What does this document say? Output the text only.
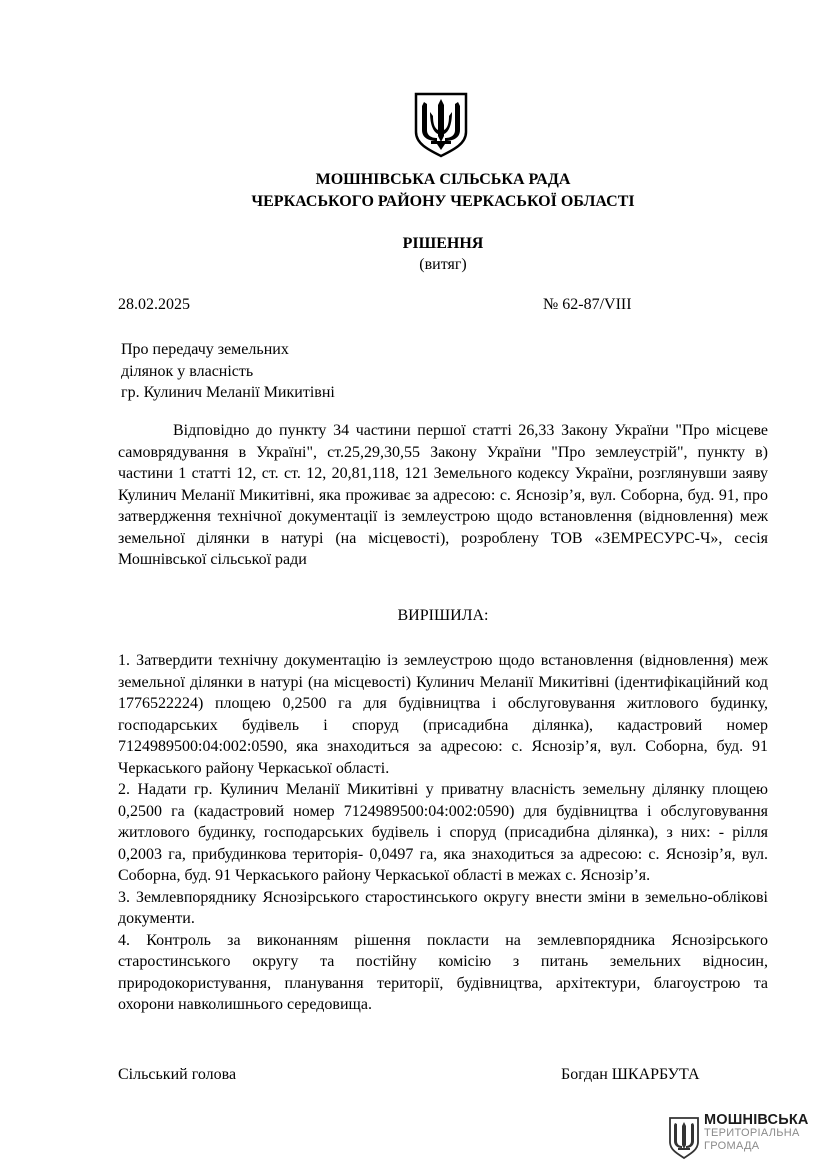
МОШНІВСЬКА СІЛЬСЬКА РАДА
ЧЕРКАСЬКОГО РАЙОНУ ЧЕРКАСЬКОЇ ОБЛАСТІ
РІШЕННЯ
(витяг)
28.02.2025	№ 62-87/VIII
Про передачу земельних
ділянок у власність
гр. Кулинич Меланії Микитівні
Відповідно до пункту 34 частини першої статті 26,33 Закону України "Про місцеве самоврядування в Україні", ст.25,29,30,55 Закону України "Про землеустрій", пункту в) частини 1 статті 12, ст. ст. 12, 20,81,118, 121 Земельного кодексу України, розглянувши заяву Кулинич Меланії Микитівні, яка проживає за адресою: с. Яснозір’я, вул. Соборна, буд. 91, про затвердження технічної документації із землеустрою щодо встановлення (відновлення) меж земельної ділянки в натурі (на місцевості), розроблену ТОВ «ЗЕМРЕСУРС-Ч», сесія Мошнівської сільської ради
ВИРІШИЛА:

1. Затвердити технічну документацію із землеустрою щодо встановлення (відновлення) меж земельної ділянки в натурі (на місцевості) Кулинич Меланії Микитівні (ідентифікаційний код 1776522224) площею 0,2500 га для будівництва і обслуговування житлового будинку, господарських будівель і споруд (присадибна ділянка), кадастровий номер 7124989500:04:002:0590, яка знаходиться за адресою: с. Яснозір’я, вул. Соборна, буд. 91 Черкаського району Черкаської області.

2. Надати гр. Кулинич Меланії Микитівні у приватну власність земельну ділянку площею 0,2500 га (кадастровий номер 7124989500:04:002:0590) для будівництва і обслуговування житлового будинку, господарських будівель і споруд (присадибна ділянка), з них: - рілля 0,2003 га, прибудинкова територія- 0,0497 га, яка знаходиться за адресою: с. Яснозір’я, вул. Соборна, буд. 91 Черкаського району Черкаської області в межах с. Яснозір’я.

3. Землевпоряднику Яснозірського старостинського округу внести зміни в земельно-облікові документи.

4. Контроль за виконанням рішення покласти на землевпорядника Яснозірського старостинського округу та постійну комісію з питань земельних відносин, природокористування, планування території, будівництва, архітектури, благоустрою та охорони навколишнього середовища.

Сільський голова	Богдан ШКАРБУТА
МОШНІВСЬКА
ТЕРИТОРІАЛЬНА
ГРОМАДА
